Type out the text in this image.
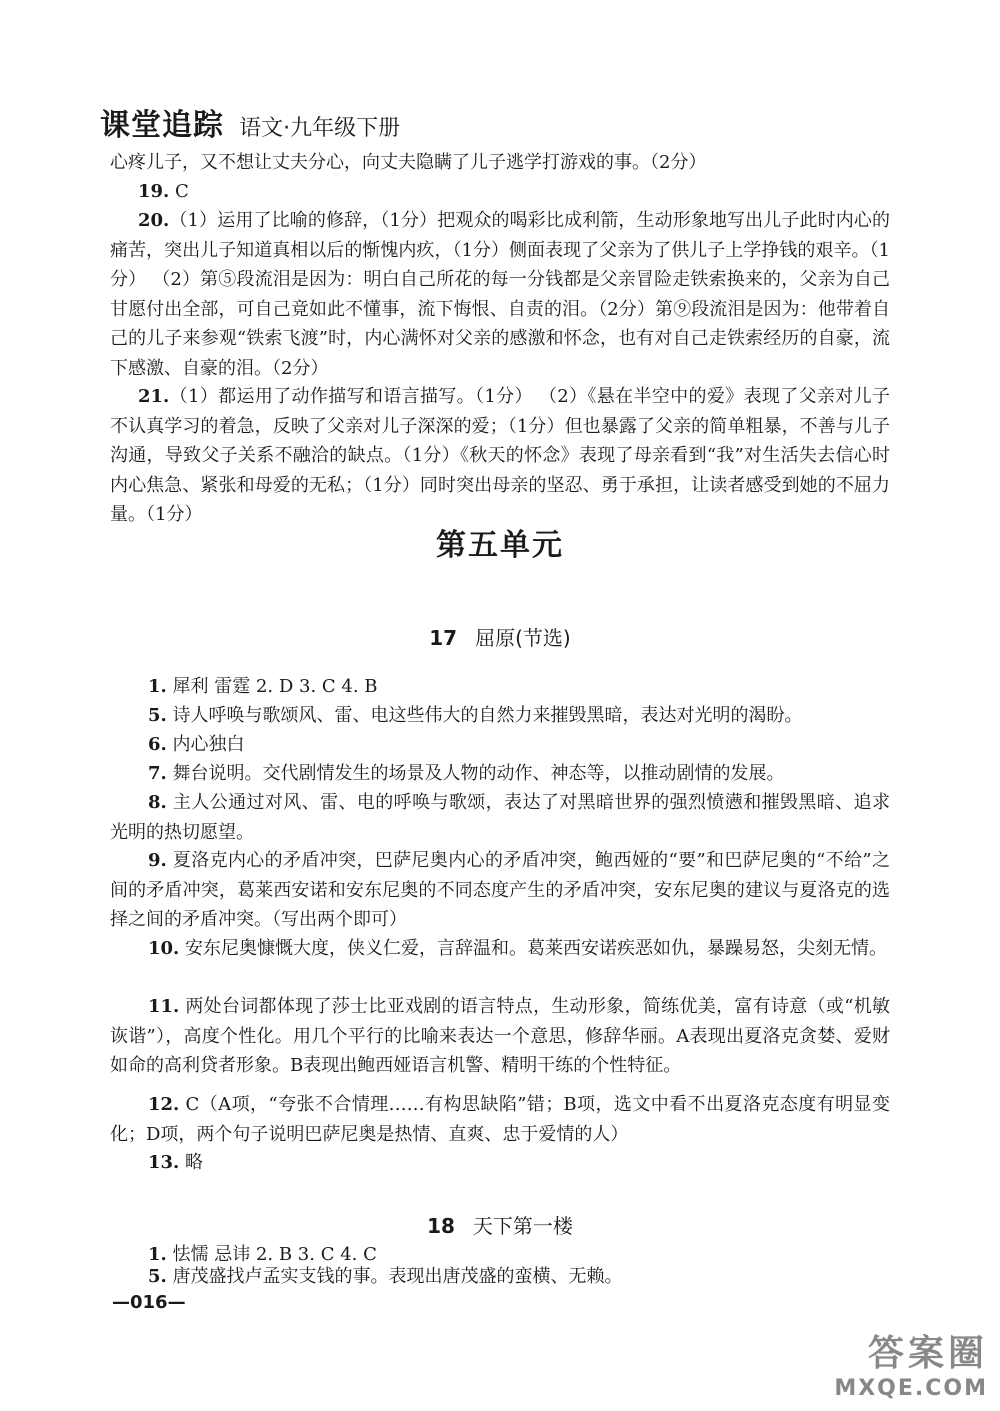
课堂追踪 语文·九年级下册
心疼儿子，又不想让丈夫分心，向丈夫隐瞒了儿子逃学打游戏的事。（2分）
19. C
20.（1）运用了比喻的修辞，（1分）把观众的喝彩比成利箭，生动形象地写出儿子此时内心的痛苦，突出儿子知道真相以后的惭愧内疚，（1分）侧面表现了父亲为了供儿子上学挣钱的艰辛。（1分） （2）第⑤段流泪是因为：明白自己所花的每一分钱都是父亲冒险走铁索换来的，父亲为自己甘愿付出全部，可自己竟如此不懂事，流下悔恨、自责的泪。（2分）第⑨段流泪是因为：他带着自己的儿子来参观“铁索飞渡”时，内心满怀对父亲的感激和怀念，也有对自己走铁索经历的自豪，流下感激、自豪的泪。（2分）
21.（1）都运用了动作描写和语言描写。（1分） （2）《悬在半空中的爱》表现了父亲对儿子不认真学习的着急，反映了父亲对儿子深深的爱；（1分）但也暴露了父亲的简单粗暴，不善与儿子沟通，导致父子关系不融洽的缺点。（1分）《秋天的怀念》表现了母亲看到“我”对生活失去信心时内心焦急、紧张和母爱的无私；（1分）同时突出母亲的坚忍、勇于承担，让读者感受到她的不屈力量。（1分）
第五单元
17 屈原(节选)
1. 犀利 雷霆 2. D 3. C 4. B
5. 诗人呼唤与歌颂风、雷、电这些伟大的自然力来摧毁黑暗，表达对光明的渴盼。
6. 内心独白
7. 舞台说明。交代剧情发生的场景及人物的动作、神态等，以推动剧情的发展。
8. 主人公通过对风、雷、电的呼唤与歌颂，表达了对黑暗世界的强烈愤懑和摧毁黑暗、追求光明的热切愿望。
9. 夏洛克内心的矛盾冲突，巴萨尼奥内心的矛盾冲突，鲍西娅的“要”和巴萨尼奥的“不给”之间的矛盾冲突，葛莱西安诺和安东尼奥的不同态度产生的矛盾冲突，安东尼奥的建议与夏洛克的选择之间的矛盾冲突。（写出两个即可）
10. 安东尼奥慷慨大度，侠义仁爱，言辞温和。葛莱西安诺疾恶如仇，暴躁易怒，尖刻无情。
11. 两处台词都体现了莎士比亚戏剧的语言特点，生动形象，简练优美，富有诗意（或“机敏诙谐”），高度个性化。用几个平行的比喻来表达一个意思，修辞华丽。A表现出夏洛克贪婪、爱财如命的高利贷者形象。B表现出鲍西娅语言机警、精明干练的个性特征。
12. C（A项，“夸张不合情理……有构思缺陷”错；B项，选文中看不出夏洛克态度有明显变化；D项，两个句子说明巴萨尼奥是热情、直爽、忠于爱情的人）
13. 略
18 天下第一楼
1. 怯懦 忌讳 2. B 3. C 4. C
5. 唐茂盛找卢孟实支钱的事。表现出唐茂盛的蛮横、无赖。
—016—
答案圈
MXQE.COM
